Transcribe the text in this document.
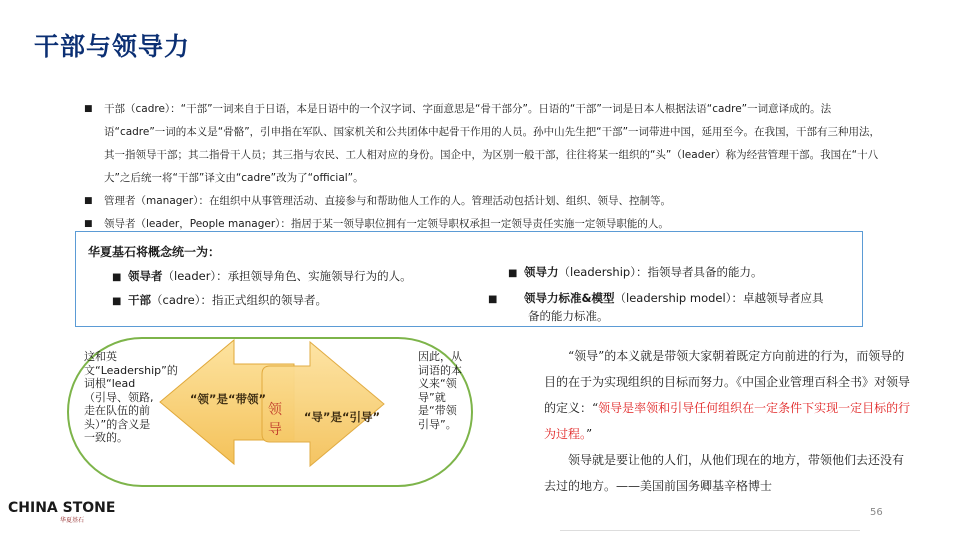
干部与领导力
■ 干部（cadre）：“干部”一词来自于日语，本是日语中的一个汉字词、字面意思是“骨干部分”。日语的“干部”一词是日本人根据法语“cadre”一词意译成的。法语“cadre”一词的本义是“骨骼”，引申指在军队、国家机关和公共团体中起骨干作用的人员。孙中山先生把“干部”一词带进中国，延用至今。在我国，干部有三种用法，其一指领导干部；其二指骨干人员；其三指与农民、工人相对应的身份。国企中，为区别一般干部，往往将某一组织的“头”（leader）称为经营管理干部。我国在“十八大”之后统一将“干部”译文由“cadre”改为了“official”。
■ 管理者（manager）：在组织中从事管理活动、直接参与和帮助他人工作的人。管理活动包括计划、组织、领导、控制等。
■ 领导者（leader，People manager）：指居于某一领导职位拥有一定领导职权承担一定领导责任实施一定领导职能的人。
华夏基石将概念统一为：
■ 领导者（leader）：承担领导角色、实施领导行为的人。
■ 干部（cadre）：指正式组织的领导者。
■ 领导力（leadership）：指领导者具备的能力。
■ 领导力标准&模型（leadership model）：卓越领导者应具备的能力标准。
“领”是“带领”
“导”是“引导”
领导
这和英文“Leadership”的词根“lead（引导、领路,走在队伍的前头）”的含义是一致的。
因此，从词语的本义来“领导”就是“带领引导”。

“领导”的本义就是带领大家朝着既定方向前进的行为，而领导的目的在于为实现组织的目标而努力。《中国企业管理百科全书》对领导的定义：“领导是率领和引导任何组织在一定条件下实现一定目标的行为过程。”

领导就是要让他的人们，从他们现在的地方，带领他们去还没有去过的地方。——美国前国务卿基辛格博士

CHINA STONE
华夏基石
56
